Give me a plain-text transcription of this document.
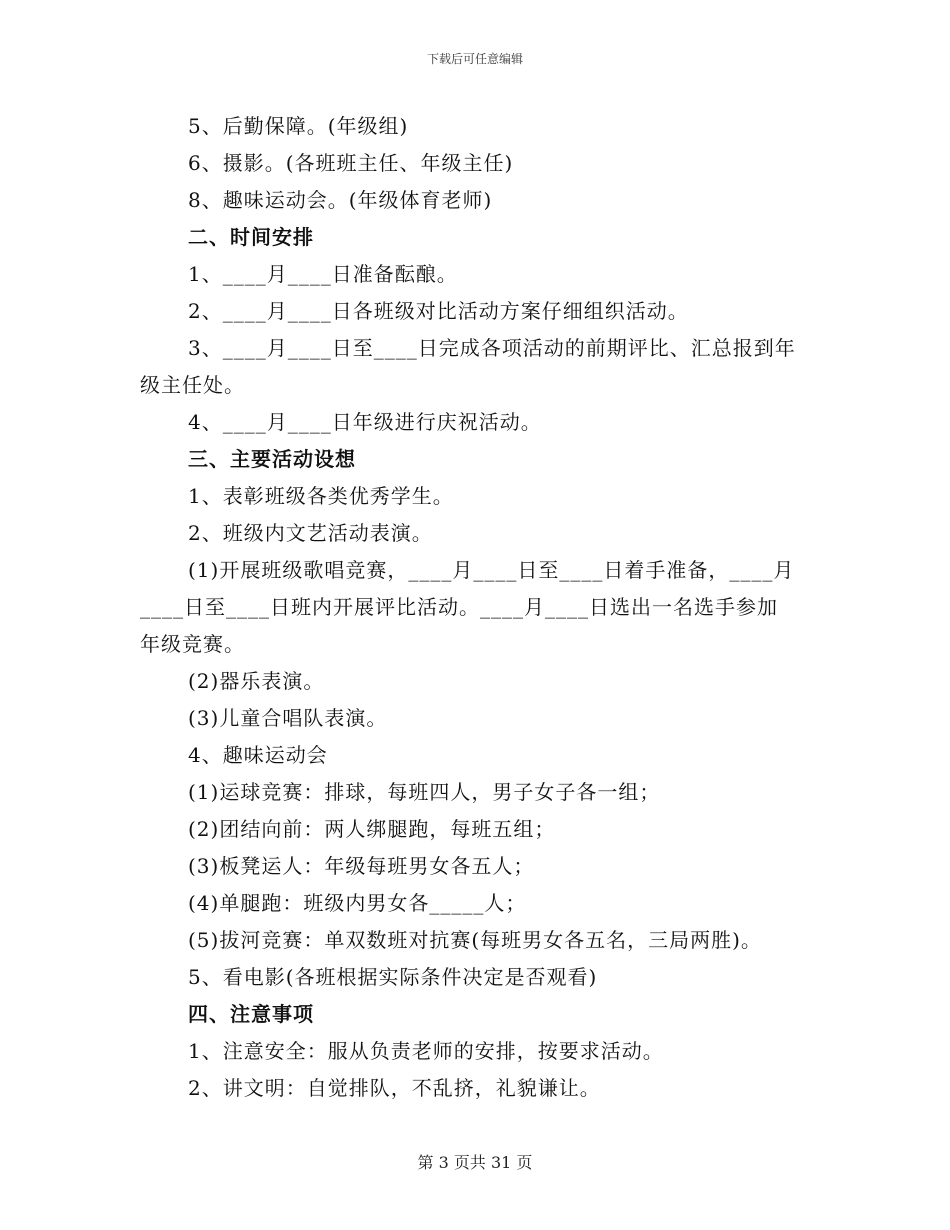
下载后可任意编辑
5、后勤保障。(年级组)
6、摄影。(各班班主任、年级主任)
8、趣味运动会。(年级体育老师)
二、时间安排
1、____月____日准备酝酿。
2、____月____日各班级对比活动方案仔细组织活动。
3、____月____日至____日完成各项活动的前期评比、汇总报到年
级主任处。
4、____月____日年级进行庆祝活动。
三、主要活动设想
1、表彰班级各类优秀学生。
2、班级内文艺活动表演。
(1)开展班级歌唱竞赛，____月____日至____日着手准备，____月
____日至____日班内开展评比活动。____月____日选出一名选手参加
年级竞赛。
(2)器乐表演。
(3)儿童合唱队表演。
4、趣味运动会
(1)运球竞赛：排球，每班四人，男子女子各一组；
(2)团结向前：两人绑腿跑，每班五组；
(3)板凳运人：年级每班男女各五人；
(4)单腿跑：班级内男女各_____人；
(5)拔河竞赛：单双数班对抗赛(每班男女各五名，三局两胜)。
5、看电影(各班根据实际条件决定是否观看)
四、注意事项
1、注意安全：服从负责老师的安排，按要求活动。
2、讲文明：自觉排队，不乱挤，礼貌谦让。
第 3 页共 31 页
